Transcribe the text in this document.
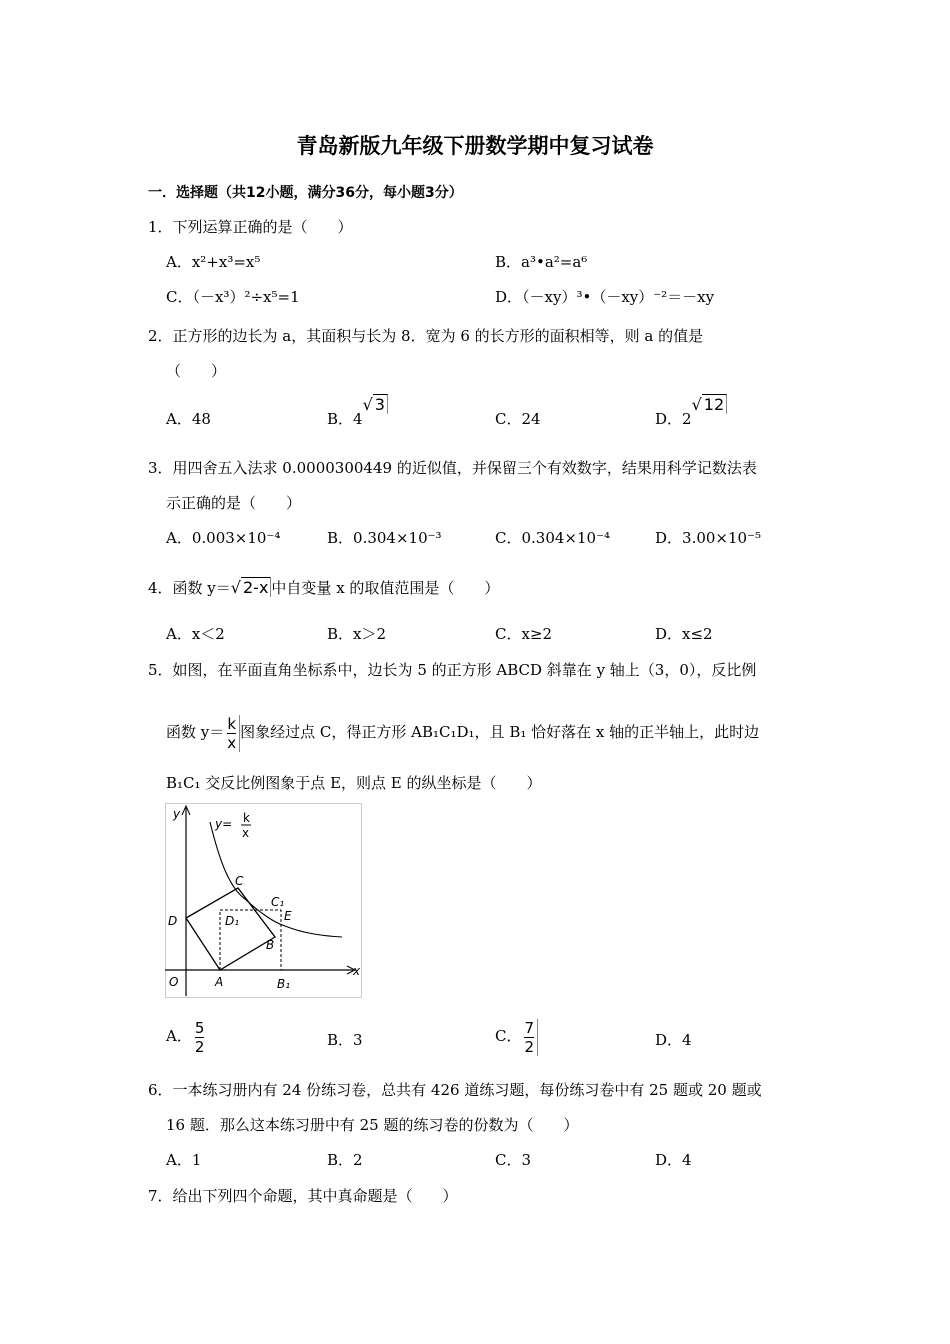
青岛新版九年级下册数学期中复习试卷
一．选择题（共12小题，满分36分，每小题3分）
1．下列运算正确的是（　　）
A．x²+x³=x⁵	B．a³•a²=a⁶
C．（－x³）²÷x⁵=1	D．（－xy）³•（－xy）⁻²＝－xy
2．正方形的边长为 a，其面积与长为 8．宽为 6 的长方形的面积相等，则 a 的值是
（　　）
A．48	B．4√ 3
C．24	D．2√ 12
3．用四舍五入法求 0.0000300449 的近似值，并保留三个有效数字，结果用科学记数法表
示正确的是（　　）
A．0.003×10⁻⁴	B．0.304×10⁻³	C．0.304×10⁻⁴	D．3.00×10⁻⁵
4．函数 y＝√ 2-x 中自变量 x 的取值范围是（　　）
A．x＜2	B．x＞2	C．x≥2	D．x≤2
5．如图，在平面直角坐标系中，边长为 5 的正方形 ABCD 斜靠在 y 轴上（3，0），反比例
函数 $y= \frac{k}{x}$ 图象经过点 C，得正方形 AB₁C₁D₁，且 B₁ 恰好落在 x 轴的正半轴上，此时边
B₁C₁ 交反比例图象于点 E，则点 E 的纵坐标是（　　）
y
x
O	A
B
C
D	D₁
C₁
E
B₁
y= k
x
A． $\frac{5}{2}$	B．3	C． $\frac{7}{2}$	D．4
6．一本练习册内有 24 份练习卷，总共有 426 道练习题，每份练习卷中有 25 题或 20 题或
16 题．那么这本练习册中有 25 题的练习卷的份数为（　　）
A．1	B．2	C．3	D．4
7．给出下列四个命题，其中真命题是（　　）
